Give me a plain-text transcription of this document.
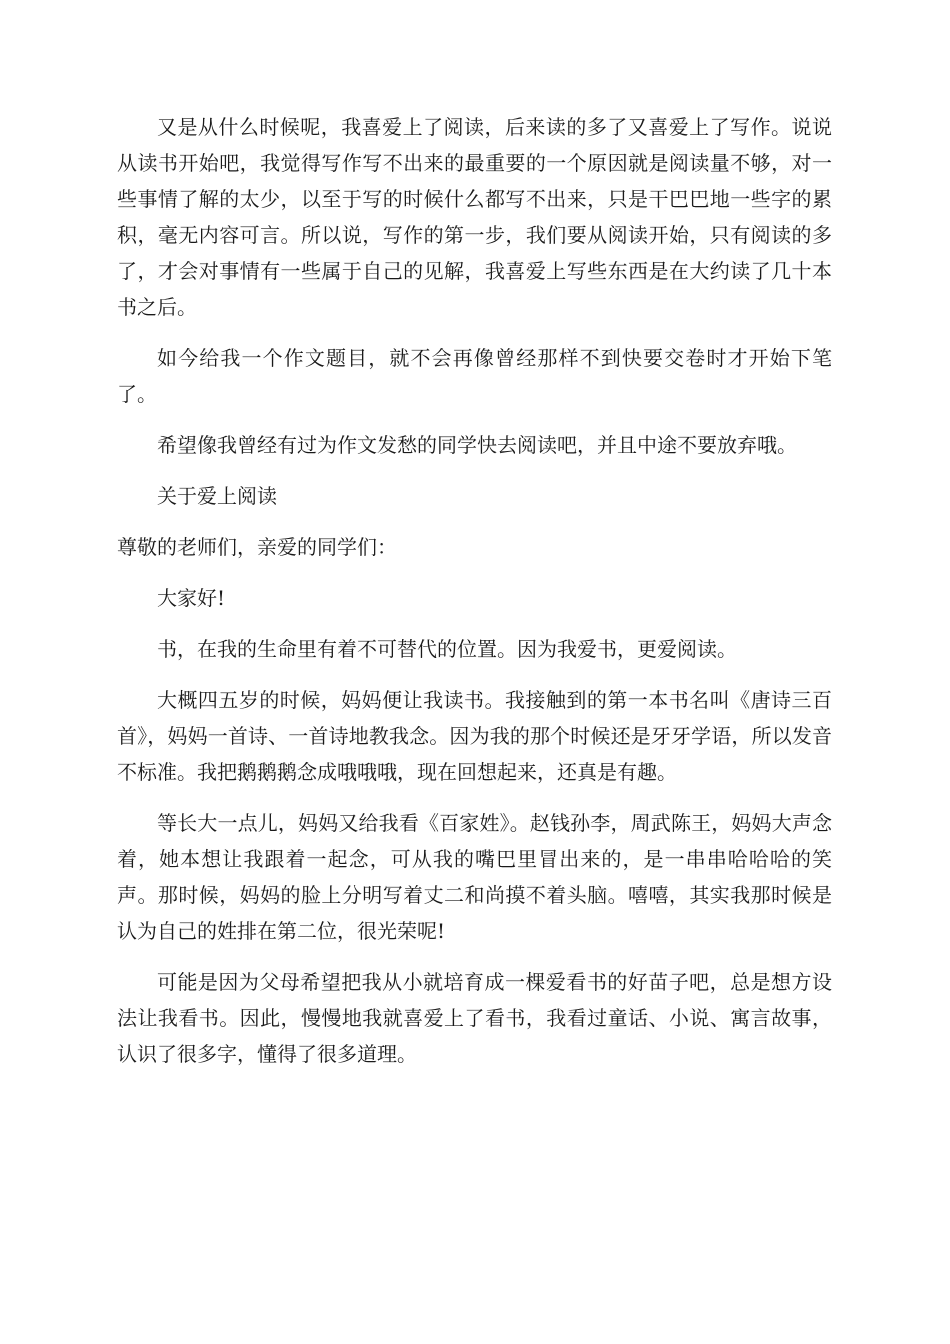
又是从什么时候呢，我喜爱上了阅读，后来读的多了又喜爱上了写作。说说从读书开始吧，我觉得写作写不出来的最重要的一个原因就是阅读量不够，对一些事情了解的太少，以至于写的时候什么都写不出来，只是干巴巴地一些字的累积，毫无内容可言。所以说，写作的第一步，我们要从阅读开始，只有阅读的多了，才会对事情有一些属于自己的见解，我喜爱上写些东西是在大约读了几十本书之后。

如今给我一个作文题目，就不会再像曾经那样不到快要交卷时才开始下笔了。

希望像我曾经有过为作文发愁的同学快去阅读吧，并且中途不要放弃哦。

关于爱上阅读

尊敬的老师们，亲爱的同学们：

大家好!

书，在我的生命里有着不可替代的位置。因为我爱书，更爱阅读。

大概四五岁的时候，妈妈便让我读书。我接触到的第一本书名叫《唐诗三百首》，妈妈一首诗、一首诗地教我念。因为我的那个时候还是牙牙学语，所以发音不标准。我把鹅鹅鹅念成哦哦哦，现在回想起来，还真是有趣。

等长大一点儿，妈妈又给我看《百家姓》。赵钱孙李，周武陈王，妈妈大声念着，她本想让我跟着一起念，可从我的嘴巴里冒出来的，是一串串哈哈哈的笑声。那时候，妈妈的脸上分明写着丈二和尚摸不着头脑。嘻嘻，其实我那时候是认为自己的姓排在第二位，很光荣呢!

可能是因为父母希望把我从小就培育成一棵爱看书的好苗子吧，总是想方设法让我看书。因此，慢慢地我就喜爱上了看书，我看过童话、小说、寓言故事，认识了很多字，懂得了很多道理。
